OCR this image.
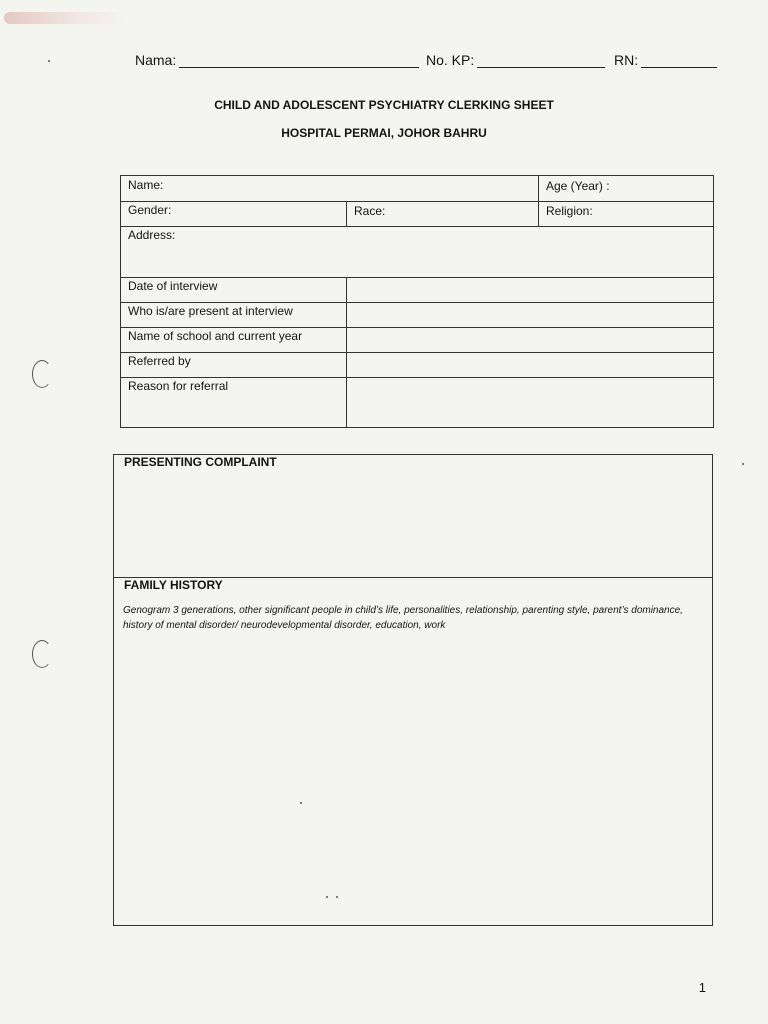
Nama:	No. KP:	RN:
CHILD AND ADOLESCENT PSYCHIATRY CLERKING SHEET
HOSPITAL PERMAI, JOHOR BAHRU
Name:	Age (Year) :
Gender:	Race:	Religion:
Address:
Date of interview
Who is/are present at interview
Name of school and current year
Referred by
Reason for referral
PRESENTING COMPLAINT
FAMILY HISTORY
Genogram 3 generations, other significant people in child’s life, personalities, relationship, parenting style, parent’s dominance, history of mental disorder/ neurodevelopmental disorder, education, work
1
